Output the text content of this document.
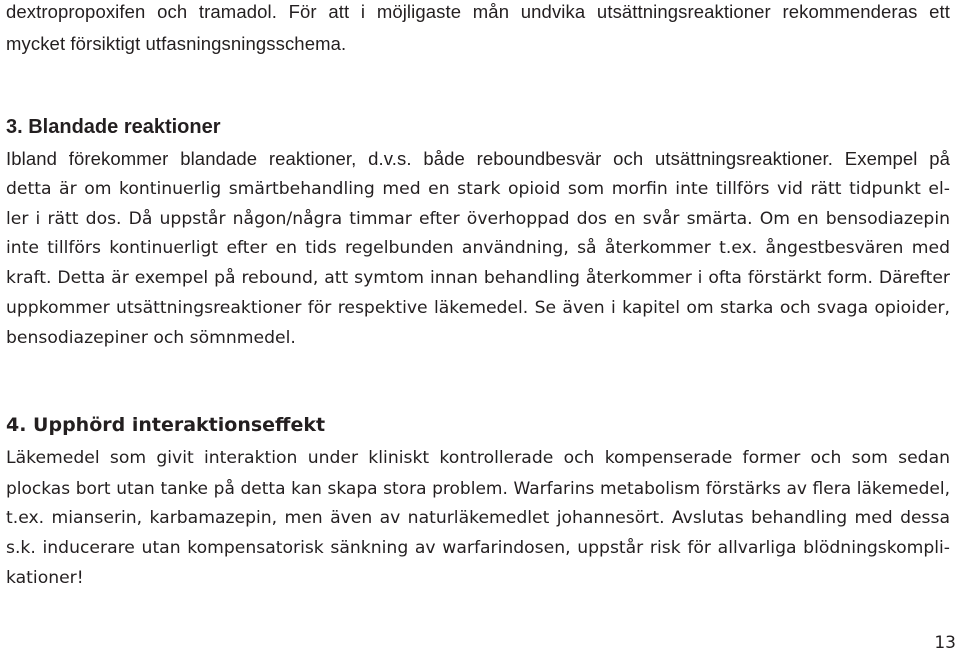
dextropropoxifen och tramadol. För att i möjligaste mån undvika utsättningsreaktioner rekommenderas ett
mycket försiktigt utfasningsningsschema.
3. Blandade reaktioner
Ibland förekommer blandade reaktioner, d.v.s. både reboundbesvär och utsättningsreaktioner. Exempel på
detta är om kontinuerlig smärtbehandling med en stark opioid som morfin inte tillförs vid rätt tidpunkt el-
ler i rätt dos. Då uppstår någon/några timmar efter överhoppad dos en svår smärta. Om en bensodiazepin
inte tillförs kontinuerligt efter en tids regelbunden användning, så återkommer t.ex. ångestbesvären med
kraft. Detta är exempel på rebound, att symtom innan behandling återkommer i ofta förstärkt form. Därefter
uppkommer utsättningsreaktioner för respektive läkemedel. Se även i kapitel om starka och svaga opioider,
bensodiazepiner och sömnmedel.
4. Upphörd interaktionseffekt
Läkemedel som givit interaktion under kliniskt kontrollerade och kompenserade former och som sedan
plockas bort utan tanke på detta kan skapa stora problem. Warfarins metabolism förstärks av flera läkemedel,
t.ex. mianserin, karbamazepin, men även av naturläkemedlet johannesört. Avslutas behandling med dessa
s.k. inducerare utan kompensatorisk sänkning av warfarindosen, uppstår risk för allvarliga blödningskompli-
kationer!
13
